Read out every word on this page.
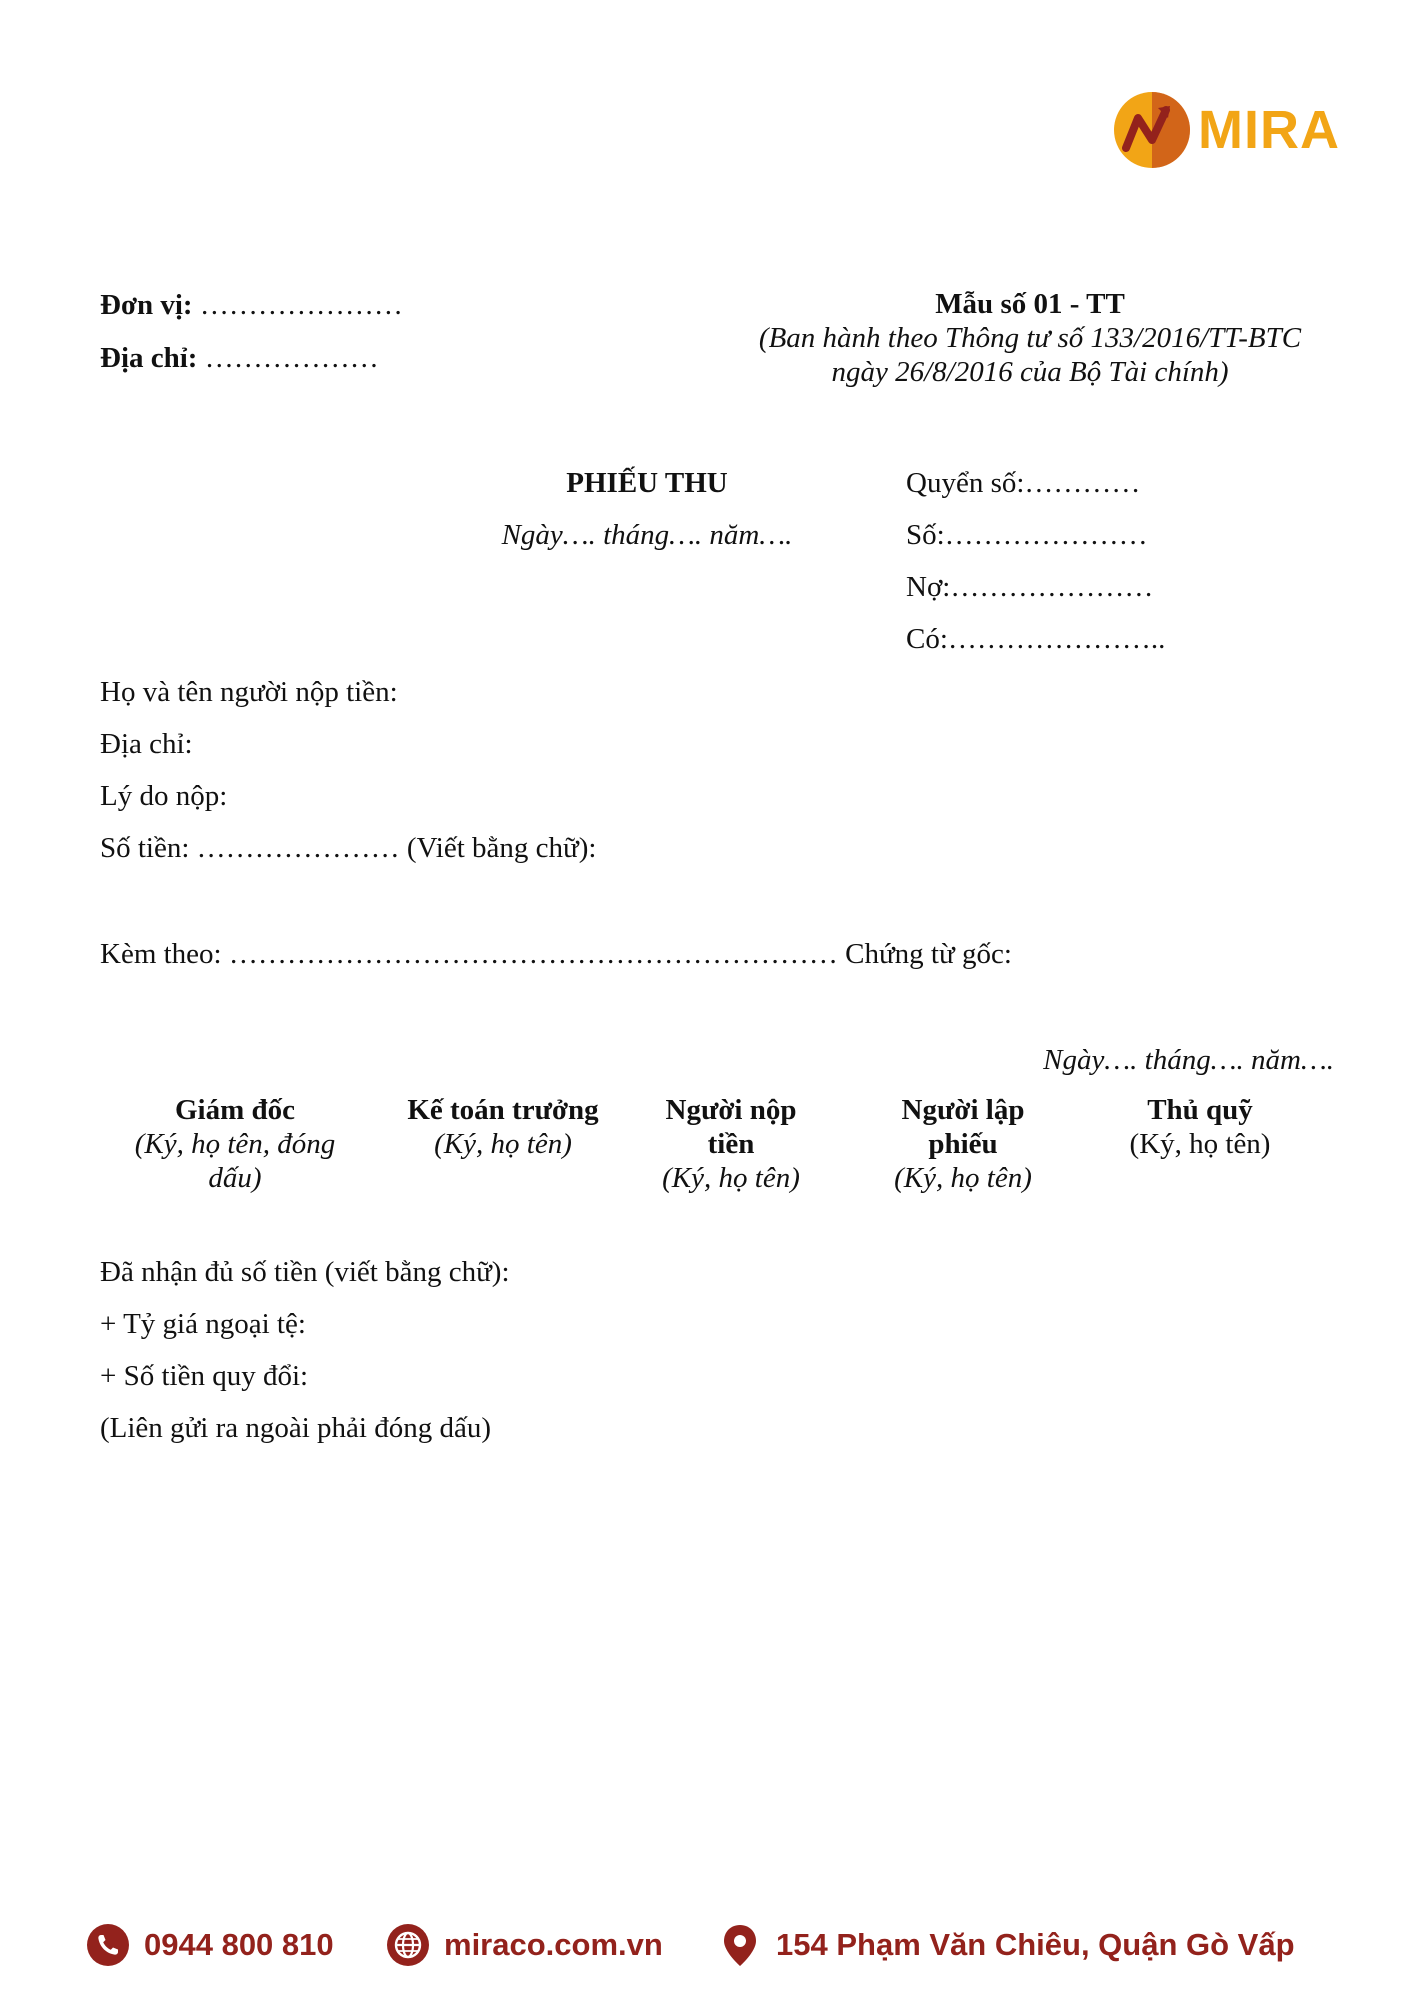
MIRA
Đơn vị: …………………
Địa chỉ: ………………
Mẫu số 01 - TT
(Ban hành theo Thông tư số 133/2016/TT-BTC
ngày 26/8/2016 của Bộ Tài chính)
PHIẾU THU
Ngày…. tháng…. năm….
Quyển số:…………
Số:…………………
Nợ:…………………
Có:…………………..
Họ và tên người nộp tiền:
Địa chỉ:
Lý do nộp:
Số tiền: ………………… (Viết bằng chữ):
Kèm theo: ……………………………………………………… Chứng từ gốc:
Ngày…. tháng…. năm….
Giám đốc
(Ký, họ tên, đóng dấu)
Kế toán trưởng
(Ký, họ tên)
Người nộp tiền
(Ký, họ tên)
Người lập phiếu
(Ký, họ tên)
Thủ quỹ
(Ký, họ tên)
Đã nhận đủ số tiền (viết bằng chữ):
+ Tỷ giá ngoại tệ:
+ Số tiền quy đổi:
(Liên gửi ra ngoài phải đóng dấu)
0944 800 810	miraco.com.vn	154 Phạm Văn Chiêu, Quận Gò Vấp
